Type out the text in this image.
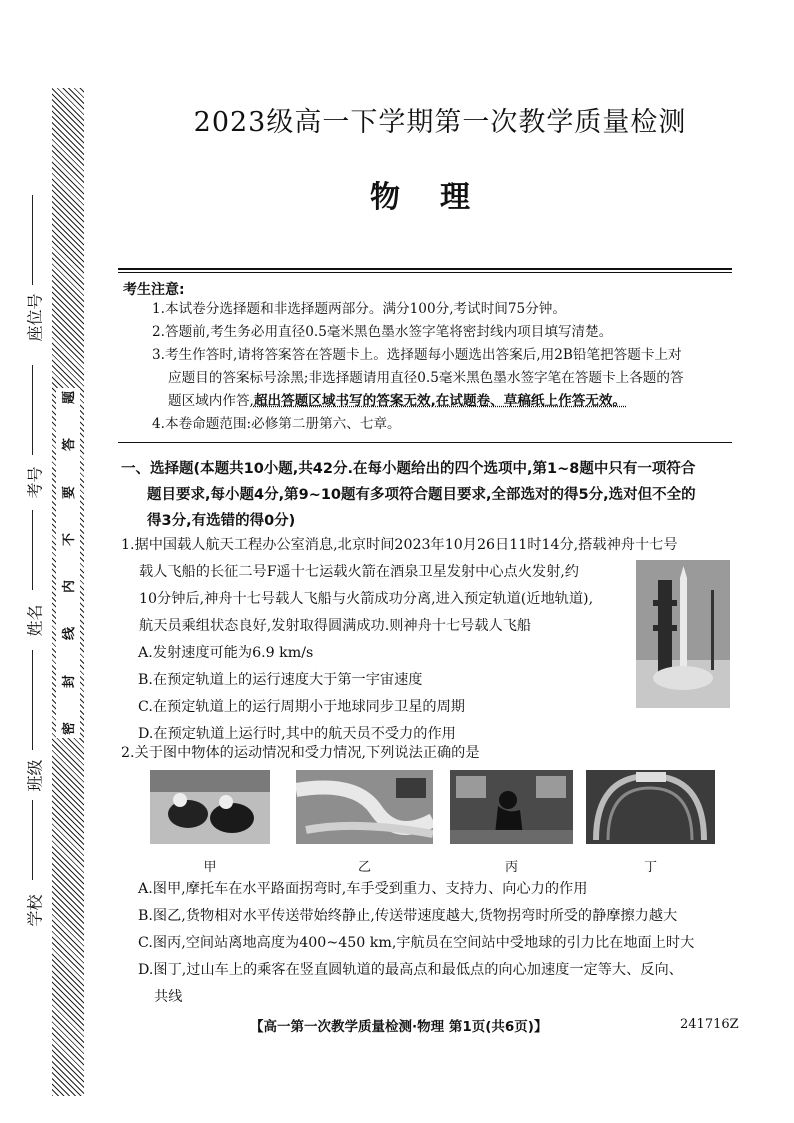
题
答
要
不
内
线
封
密
座位号
考号
姓名
班级
学校
2023级高一下学期第一次教学质量检测
物理
考生注意:
1.本试卷分选择题和非选择题两部分。满分100分,考试时间75分钟。
2.答题前,考生务必用直径0.5毫米黑色墨水签字笔将密封线内项目填写清楚。
3.考生作答时,请将答案答在答题卡上。选择题每小题选出答案后,用2B铅笔把答题卡上对
应题目的答案标号涂黑;非选择题请用直径0.5毫米黑色墨水签字笔在答题卡上各题的答
题区域内作答,超出答题区域书写的答案无效,在试题卷、草稿纸上作答无效。
4.本卷命题范围:必修第二册第六、七章。
一、选择题(本题共10小题,共42分.在每小题给出的四个选项中,第1~8题中只有一项符合
题目要求,每小题4分,第9~10题有多项符合题目要求,全部选对的得5分,选对但不全的
得3分,有选错的得0分)
1.据中国载人航天工程办公室消息,北京时间2023年10月26日11时14分,搭载神舟十七号
载人飞船的长征二号F遥十七运载火箭在酒泉卫星发射中心点火发射,约
10分钟后,神舟十七号载人飞船与火箭成功分离,进入预定轨道(近地轨道),
航天员乘组状态良好,发射取得圆满成功.则神舟十七号载人飞船
A.发射速度可能为6.9 km/s
B.在预定轨道上的运行速度大于第一宇宙速度
C.在预定轨道上的运行周期小于地球同步卫星的周期
D.在预定轨道上运行时,其中的航天员不受力的作用
2.关于图中物体的运动情况和受力情况,下列说法正确的是
甲	乙	丙	丁
A.图甲,摩托车在水平路面拐弯时,车手受到重力、支持力、向心力的作用
B.图乙,货物相对水平传送带始终静止,传送带速度越大,货物拐弯时所受的静摩擦力越大
C.图丙,空间站离地高度为400~450 km,宇航员在空间站中受地球的引力比在地面上时大
D.图丁,过山车上的乘客在竖直圆轨道的最高点和最低点的向心加速度一定等大、反向、
共线
【高一第一次教学质量检测·物理 第1页(共6页)】	241716Z
